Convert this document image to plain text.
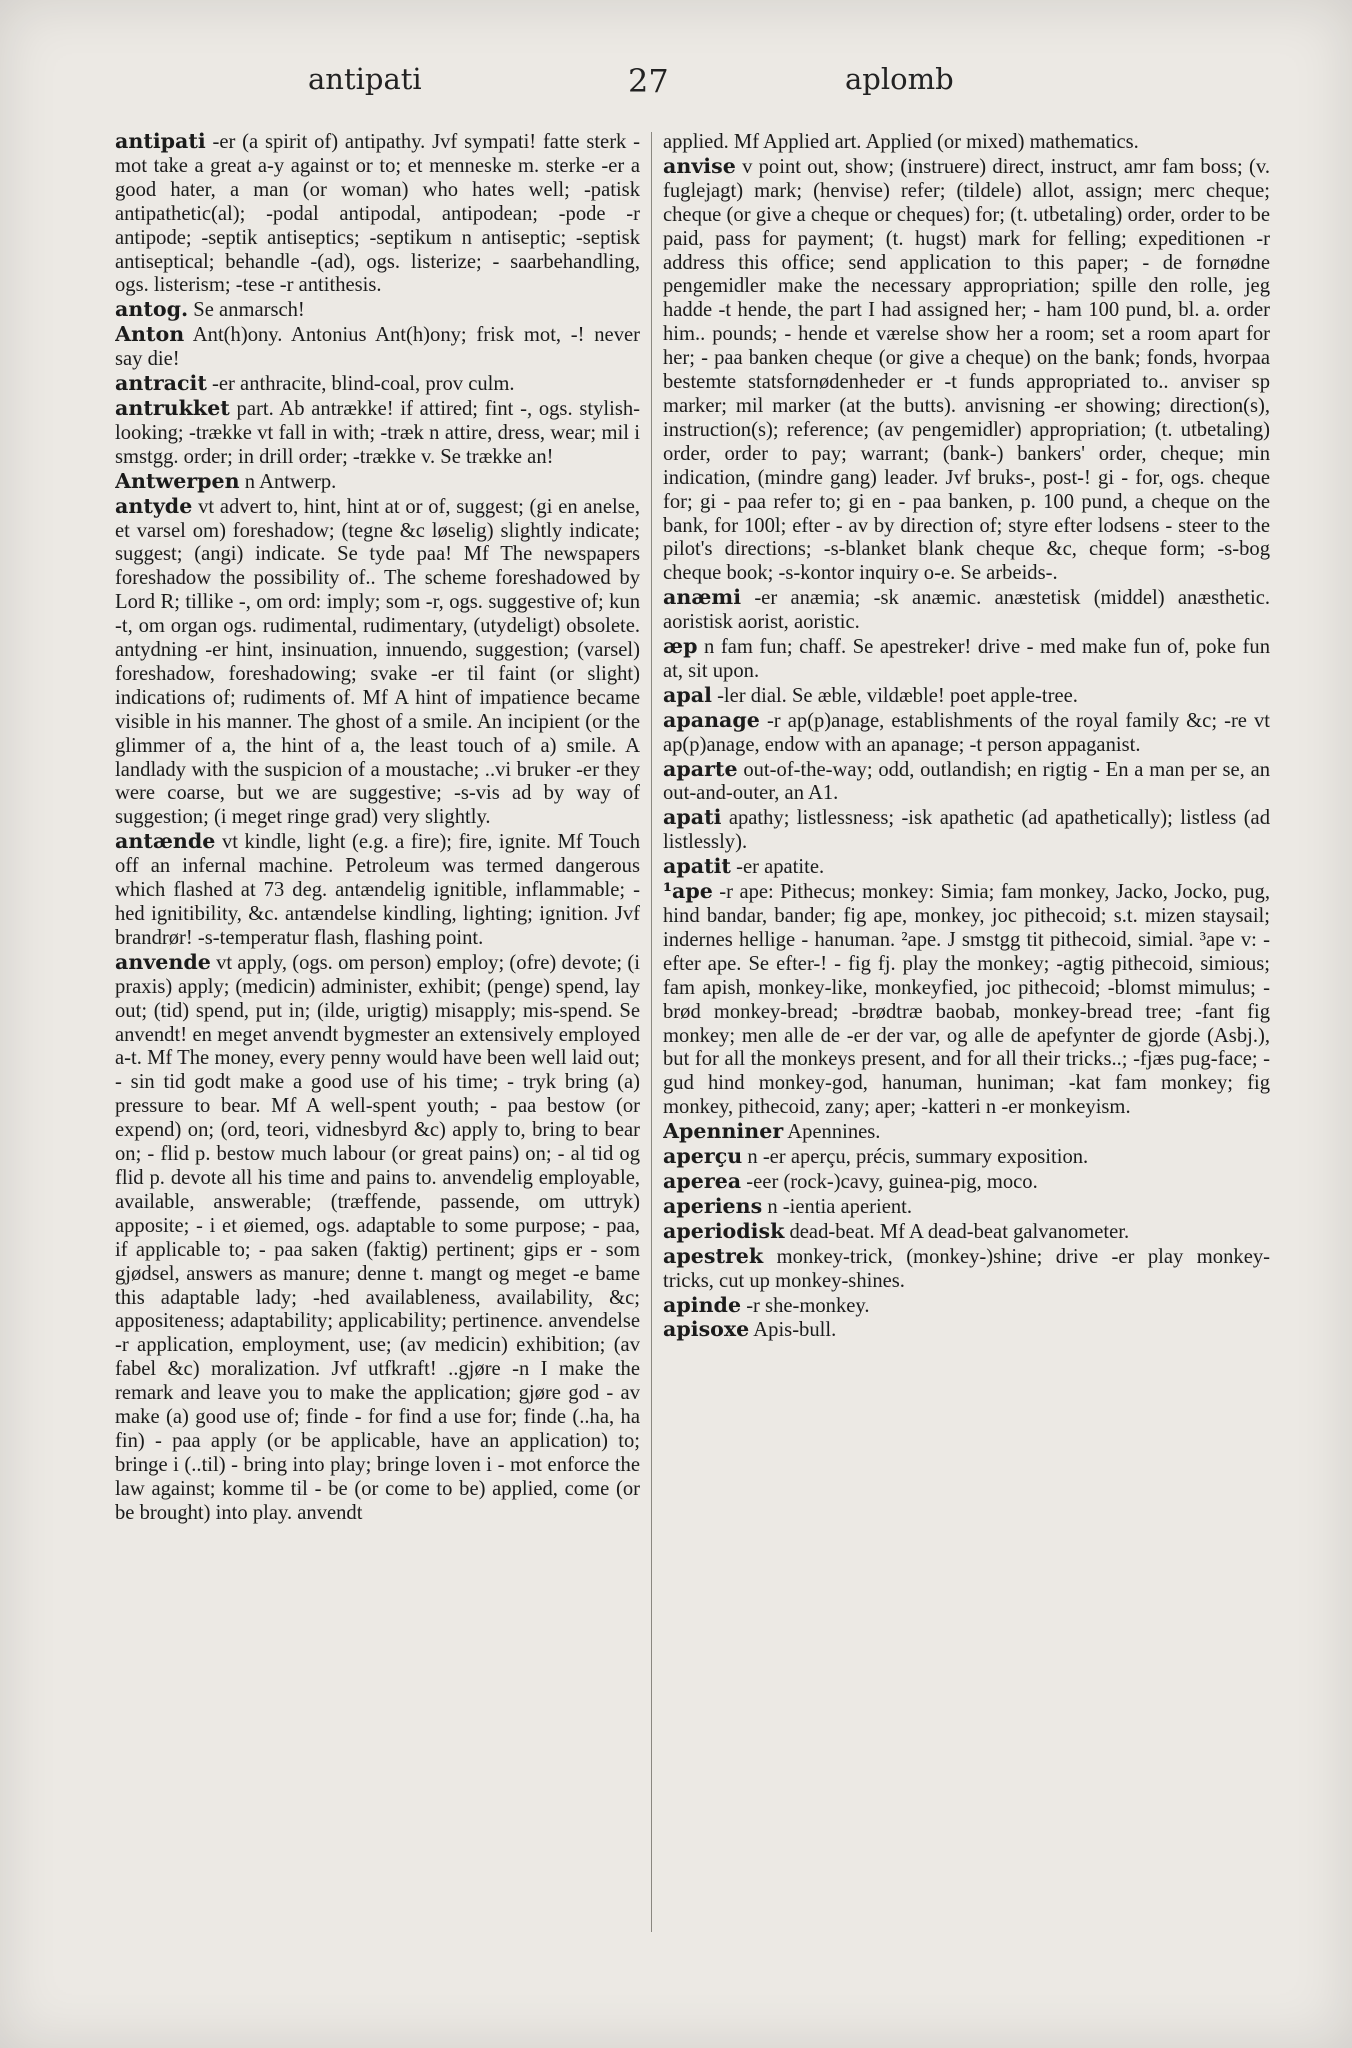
antipati	27	aplomb

antipati -er (a spirit of) antipathy. Jvf sympati! fatte sterk - mot take a great a-y against or to; et menneske m. sterke -er a good hater, a man (or woman) who hates well; -patisk antipathetic(al); -podal antipodal, antipodean; -pode -r antipode; -septik antiseptics; -septikum n antiseptic; -septisk antiseptical; behandle -(ad), ogs. listerize; - saarbehandling, ogs. listerism; -tese -r antithesis.

antog. Se anmarsch!

Anton Ant(h)ony. Antonius Ant(h)ony; frisk mot, -! never say die!

antracit -er anthracite, blind-coal, prov culm.

antrukket part. Ab antrække! if attired; fint -, ogs. stylish-looking; -trække vt fall in with; -træk n attire, dress, wear; mil i smstgg. order; in drill order; -trække v. Se trække an!

Antwerpen n Antwerp.

antyde vt advert to, hint, hint at or of, suggest; (gi en anelse, et varsel om) foreshadow; (tegne &c løselig) slightly indicate; suggest; (angi) indicate. Se tyde paa! Mf The newspapers foreshadow the possibility of.. The scheme foreshadowed by Lord R; tillike -, om ord: imply; som -r, ogs. suggestive of; kun -t, om organ ogs. rudimental, rudimentary, (utydeligt) obsolete. antydning -er hint, insinuation, innuendo, suggestion; (varsel) foreshadow, foreshadowing; svake -er til faint (or slight) indications of; rudiments of. Mf A hint of impatience became visible in his manner. The ghost of a smile. An incipient (or the glimmer of a, the hint of a, the least touch of a) smile. A landlady with the suspicion of a moustache; ..vi bruker -er they were coarse, but we are suggestive; -s-vis ad by way of suggestion; (i meget ringe grad) very slightly.

antænde vt kindle, light (e.g. a fire); fire, ignite. Mf Touch off an infernal machine. Petroleum was termed dangerous which flashed at 73 deg. antændelig ignitible, inflammable; -hed ignitibility, &c. antændelse kindling, lighting; ignition. Jvf brandrør! -s-temperatur flash, flashing point.

anvende vt apply, (ogs. om person) employ; (ofre) devote; (i praxis) apply; (medicin) administer, exhibit; (penge) spend, lay out; (tid) spend, put in; (ilde, urigtig) misapply; mis-spend. Se anvendt! en meget anvendt bygmester an extensively employed a-t. Mf The money, every penny would have been well laid out; - sin tid godt make a good use of his time; - tryk bring (a) pressure to bear. Mf A well-spent youth; - paa bestow (or expend) on; (ord, teori, vidnesbyrd &c) apply to, bring to bear on; - flid p. bestow much labour (or great pains) on; - al tid og flid p. devote all his time and pains to. anvendelig employable, available, answerable; (træffende, passende, om uttryk) apposite; - i et øiemed, ogs. adaptable to some purpose; - paa, if applicable to; - paa saken (faktig) pertinent; gips er - som gjødsel, answers as manure; denne t. mangt og meget -e bame this adaptable lady; -hed availableness, availability, &c; appositeness; adaptability; applicability; pertinence. anvendelse -r application, employment, use; (av medicin) exhibition; (av fabel &c) moralization. Jvf utfkraft! ..gjøre -n I make the remark and leave you to make the application; gjøre god - av make (a) good use of; finde - for find a use for; finde (..ha, ha fin) - paa apply (or be applicable, have an application) to; bringe i (..til) - bring into play; bringe loven i - mot enforce the law against; komme til - be (or come to be) applied, come (or be brought) into play. anvendt

applied. Mf Applied art. Applied (or mixed) mathematics.

anvise v point out, show; (instruere) direct, instruct, amr fam boss; (v. fuglejagt) mark; (henvise) refer; (tildele) allot, assign; merc cheque; cheque (or give a cheque or cheques) for; (t. utbetaling) order, order to be paid, pass for payment; (t. hugst) mark for felling; expeditionen -r address this office; send application to this paper; - de fornødne pengemidler make the necessary appropriation; spille den rolle, jeg hadde -t hende, the part I had assigned her; - ham 100 pund, bl. a. order him.. pounds; - hende et værelse show her a room; set a room apart for her; - paa banken cheque (or give a cheque) on the bank; fonds, hvorpaa bestemte statsfornødenheder er -t funds appropriated to.. anviser sp marker; mil marker (at the butts). anvisning -er showing; direction(s), instruction(s); reference; (av pengemidler) appropriation; (t. utbetaling) order, order to pay; warrant; (bank-) bankers' order, cheque; min indication, (mindre gang) leader. Jvf bruks-, post-! gi - for, ogs. cheque for; gi - paa refer to; gi en - paa banken, p. 100 pund, a cheque on the bank, for 100l; efter - av by direction of; styre efter lodsens - steer to the pilot's directions; -s-blanket blank cheque &c, cheque form; -s-bog cheque book; -s-kontor inquiry o-e. Se arbeids-.

anæmi -er anæmia; -sk anæmic. anæstetisk (middel) anæsthetic. aoristisk aorist, aoristic.

æp n fam fun; chaff. Se apestreker! drive - med make fun of, poke fun at, sit upon.

apal -ler dial. Se æble, vildæble! poet apple-tree.

apanage -r ap(p)anage, establishments of the royal family &c; -re vt ap(p)anage, endow with an apanage; -t person appaganist.

aparte out-of-the-way; odd, outlandish; en rigtig - En a man per se, an out-and-outer, an A1.

apati apathy; listlessness; -isk apathetic (ad apathetically); listless (ad listlessly).

apatit -er apatite.

¹ape -r ape: Pithecus; monkey: Simia; fam monkey, Jacko, Jocko, pug, hind bandar, bander; fig ape, monkey, joc pithecoid; s.t. mizen staysail; indernes hellige - hanuman. ²ape. J smstgg tit pithecoid, simial. ³ape v: - efter ape. Se efter-! - fig fj. play the monkey; -agtig pithecoid, simious; fam apish, monkey-like, monkeyfied, joc pithecoid; -blomst mimulus; -brød monkey-bread; -brødtræ baobab, monkey-bread tree; -fant fig monkey; men alle de -er der var, og alle de apefynter de gjorde (Asbj.), but for all the monkeys present, and for all their tricks..; -fjæs pug-face; -gud hind monkey-god, hanuman, huniman; -kat fam monkey; fig monkey, pithecoid, zany; aper; -katteri n -er monkeyism.

Apenniner Apennines.

aperçu n -er aperçu, précis, summary exposition.

aperea -eer (rock-)cavy, guinea-pig, moco.

aperiens n -ientia aperient.

aperiodisk dead-beat. Mf A dead-beat galvanometer.

apestrek monkey-trick, (monkey-)shine; drive -er play monkey-tricks, cut up monkey-shines.

apinde -r she-monkey.

apisoxe Apis-bull.
